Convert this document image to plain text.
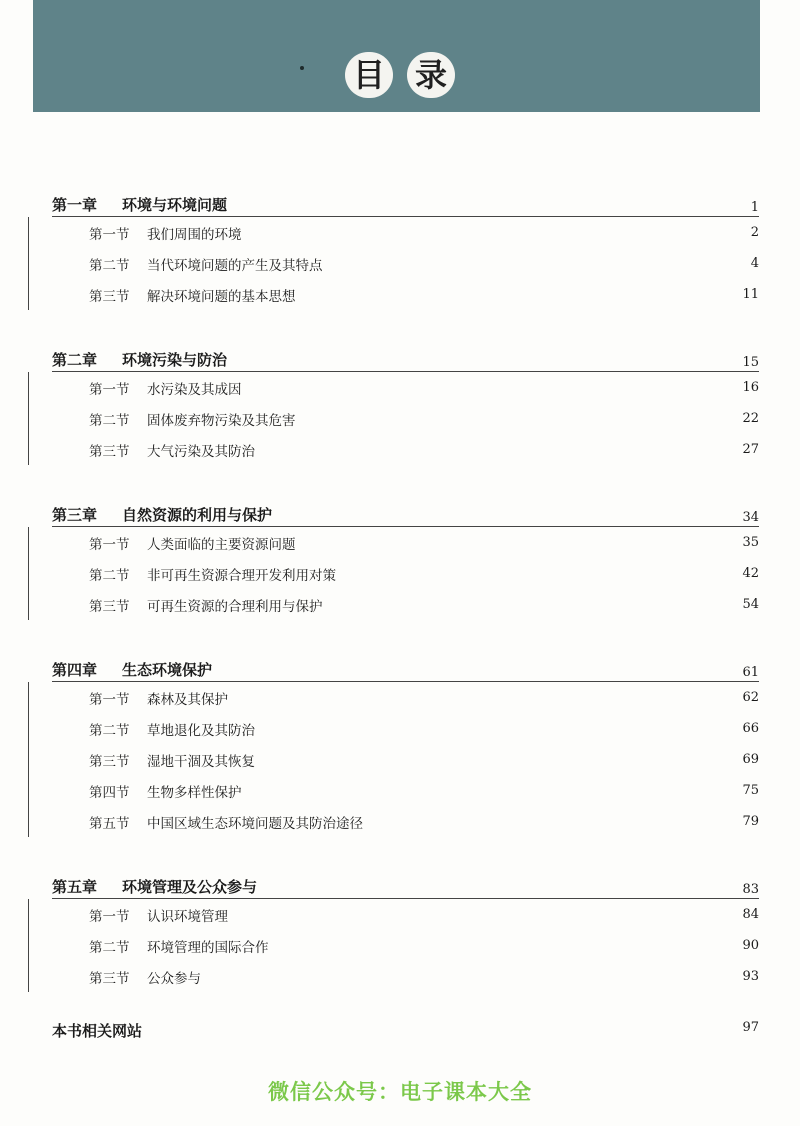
目 录
第一章 环境与环境问题	1
第一节 我们周围的环境	2
第二节 当代环境问题的产生及其特点	4
第三节 解决环境问题的基本思想	11
第二章 环境污染与防治	15
第一节 水污染及其成因	16
第二节 固体废弃物污染及其危害	22
第三节 大气污染及其防治	27
第三章 自然资源的利用与保护	34
第一节 人类面临的主要资源问题	35
第二节 非可再生资源合理开发利用对策	42
第三节 可再生资源的合理利用与保护	54
第四章 生态环境保护	61
第一节 森林及其保护	62
第二节 草地退化及其防治	66
第三节 湿地干涸及其恢复	69
第四节 生物多样性保护	75
第五节 中国区域生态环境问题及其防治途径	79
第五章 环境管理及公众参与	83
第一节 认识环境管理	84
第二节 环境管理的国际合作	90
第三节 公众参与	93
本书相关网站	97
微信公众号：电子课本大全
